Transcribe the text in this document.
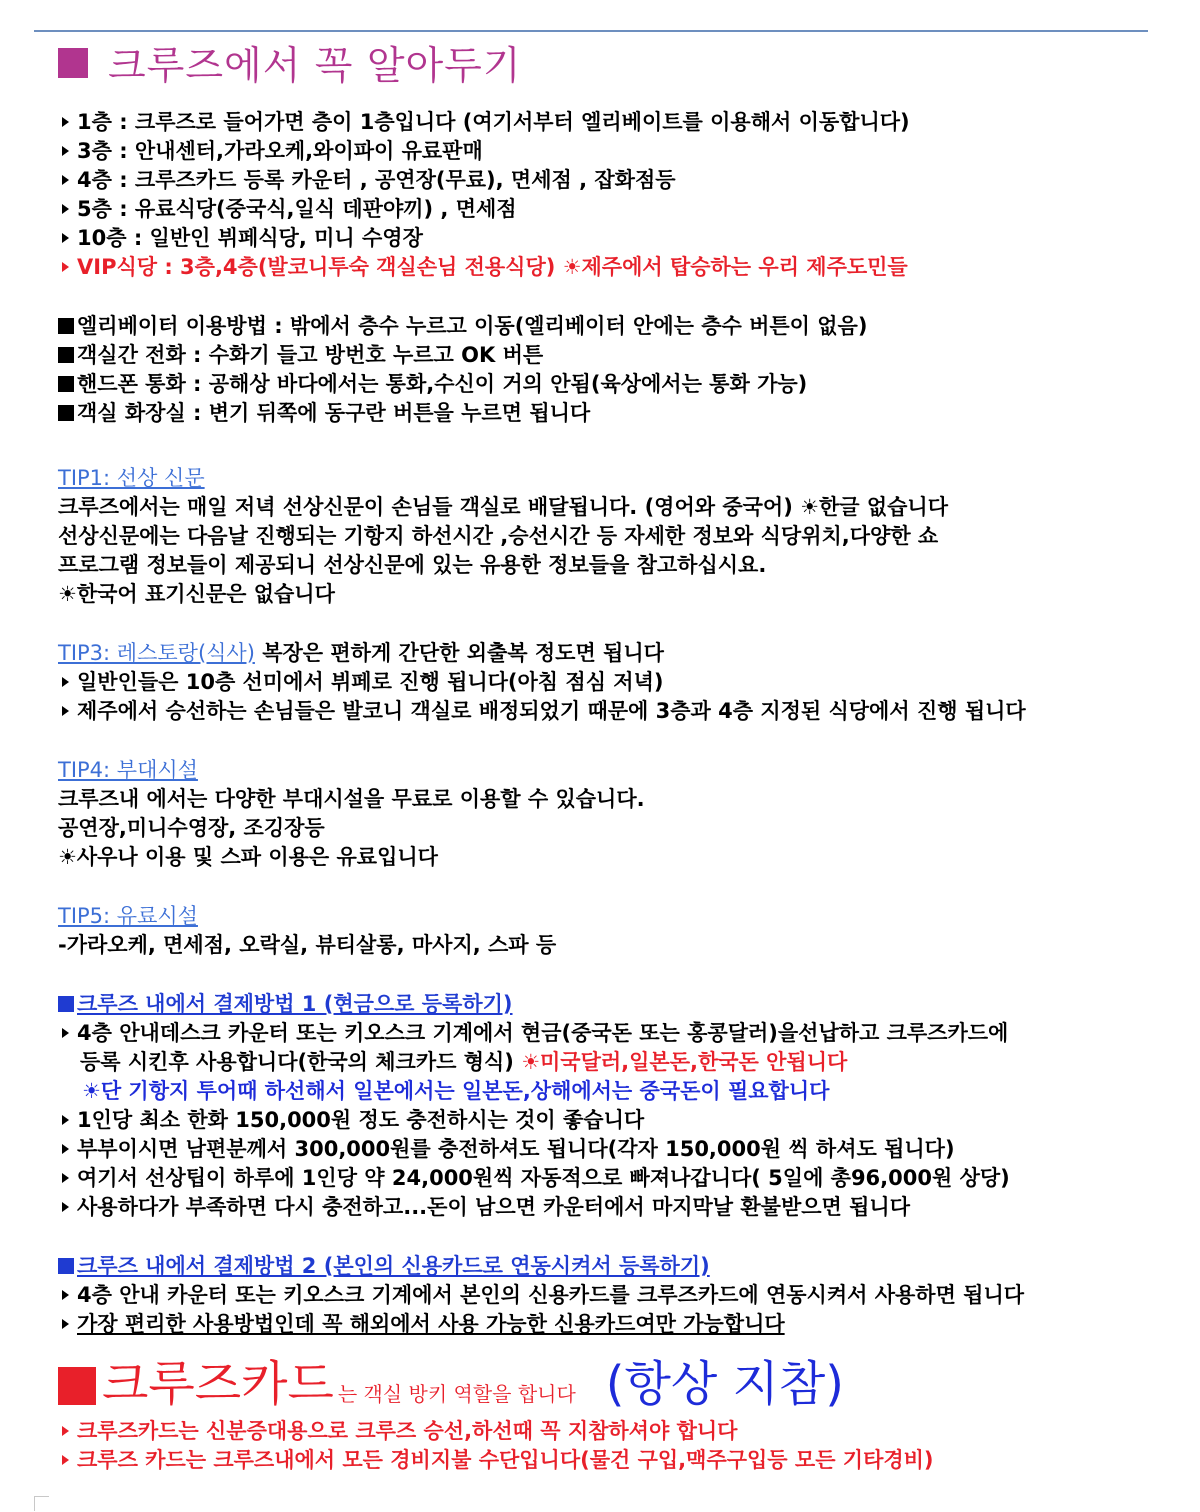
크루즈에서 꼭 알아두기
1층 : 크루즈로 들어가면 층이 1층입니다 (여기서부터 엘리베이트를 이용해서 이동합니다)
3층 : 안내센터,가라오케,와이파이 유료판매
4층 : 크루즈카드 등록 카운터 , 공연장(무료), 면세점 , 잡화점등
5층 : 유료식당(중국식,일식 데판야끼) , 면세점
10층 : 일반인 뷔페식당, 미니 수영장
VIP식당 : 3층,4층(발코니투숙 객실손님 전용식당) ☀제주에서 탑승하는 우리 제주도민들
엘리베이터 이용방법 : 밖에서 층수 누르고 이동(엘리베이터 안에는 층수 버튼이 없음)
객실간 전화 : 수화기 들고 방번호 누르고 OK 버튼
핸드폰 통화 : 공해상 바다에서는 통화,수신이 거의 안됨(육상에서는 통화 가능)
객실 화장실 : 변기 뒤쪽에 동구란 버튼을 누르면 됩니다
TIP1: 선상 신문
크루즈에서는 매일 저녁 선상신문이 손님들 객실로 배달됩니다. (영어와 중국어) ☀한글 없습니다
선상신문에는 다음날 진행되는 기항지 하선시간 ,승선시간 등 자세한 정보와 식당위치,다양한 쇼
프로그램 정보들이 제공되니 선상신문에 있는 유용한 정보들을 참고하십시요.
☀한국어 표기신문은 없습니다
TIP3: 레스토랑(식사) 복장은 편하게 간단한 외출복 정도면 됩니다
일반인들은 10층 선미에서 뷔페로 진행 됩니다(아침 점심 저녁)
제주에서 승선하는 손님들은 발코니 객실로 배정되었기 때문에 3층과 4층 지정된 식당에서 진행 됩니다
TIP4: 부대시설
크루즈내 에서는 다양한 부대시설을 무료로 이용할 수 있습니다.
공연장,미니수영장, 조깅장등
☀사우나 이용 및 스파 이용은 유료입니다
TIP5: 유료시설
-가라오케, 면세점, 오락실, 뷰티살롱, 마사지, 스파 등
크루즈 내에서 결제방법 1 (현금으로 등록하기)
4층 안내데스크 카운터 또는 키오스크 기계에서 현금(중국돈 또는 홍콩달러)을선납하고 크루즈카드에
등록 시킨후 사용합니다(한국의 체크카드 형식) ☀미국달러,일본돈,한국돈 안됩니다
☀단 기항지 투어때 하선해서 일본에서는 일본돈,상해에서는 중국돈이 필요합니다
1인당 최소 한화 150,000원 정도 충전하시는 것이 좋습니다
부부이시면 남편분께서 300,000원를 충전하셔도 됩니다(각자 150,000원 씩 하셔도 됩니다)
여기서 선상팁이 하루에 1인당 약 24,000원씩 자동적으로 빠져나갑니다( 5일에 총96,000원 상당)
사용하다가 부족하면 다시 충전하고...돈이 남으면 카운터에서 마지막날 환불받으면 됩니다
크루즈 내에서 결제방법 2 (본인의 신용카드로 연동시켜서 등록하기)
4층 안내 카운터 또는 키오스크 기계에서 본인의 신용카드를 크루즈카드에 연동시켜서 사용하면 됩니다
가장 편리한 사용방법인데 꼭 해외에서 사용 가능한 신용카드여만 가능합니다
크루즈카드 는 객실 방키 역할을 합니다 (항상 지참)
크루즈카드는 신분증대용으로 크루즈 승선,하선때 꼭 지참하셔야 합니다
크루즈 카드는 크루즈내에서 모든 경비지불 수단입니다(물건 구입,맥주구입등 모든 기타경비)
